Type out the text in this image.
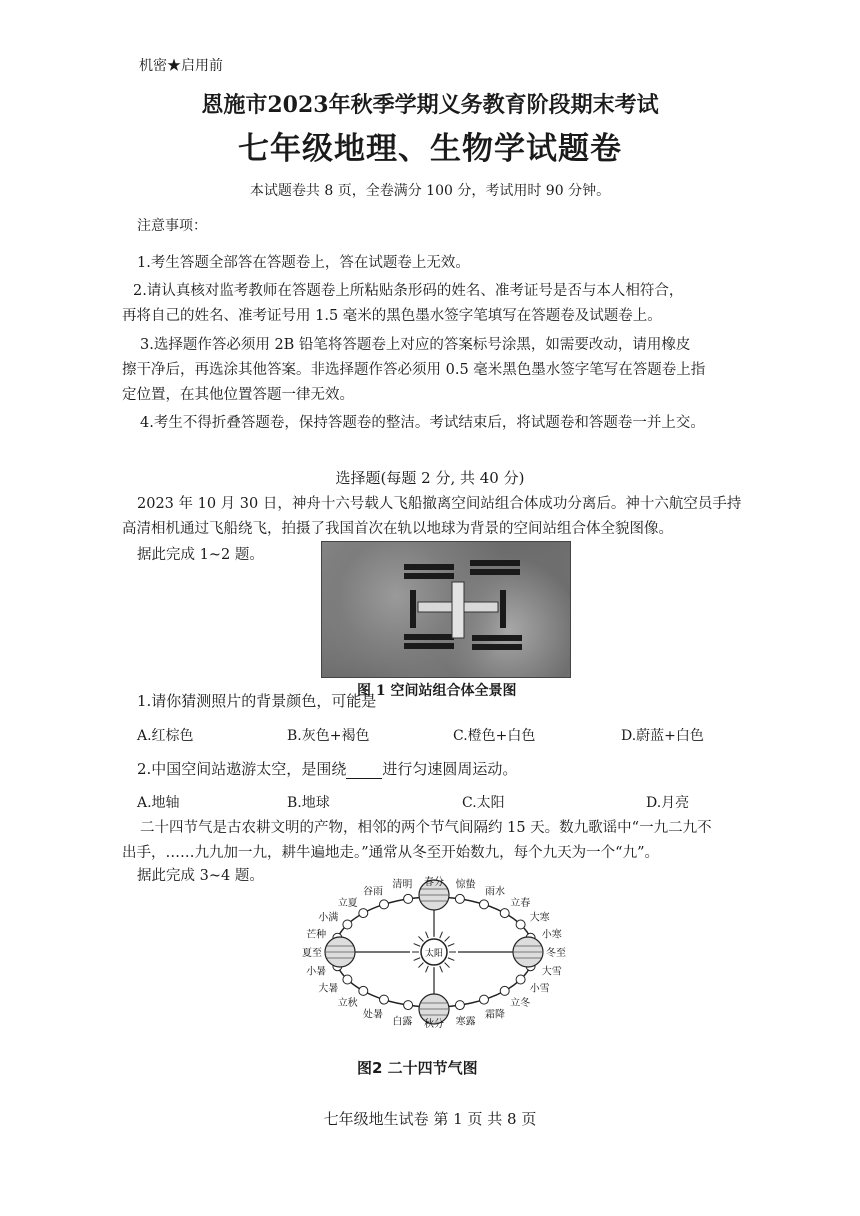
机密★启用前
恩施市2023年秋季学期义务教育阶段期末考试
七年级地理、生物学试题卷
本试题卷共 8 页，全卷满分 100 分，考试用时 90 分钟。
注意事项：
1.考生答题全部答在答题卷上，答在试题卷上无效。
2.请认真核对监考教师在答题卷上所粘贴条形码的姓名、准考证号是否与本人相符合，
再将自己的姓名、准考证号用 1.5 毫米的黑色墨水签字笔填写在答题卷及试题卷上。
3.选择题作答必须用 2B 铅笔将答题卷上对应的答案标号涂黑，如需要改动，请用橡皮
擦干净后，再选涂其他答案。非选择题作答必须用 0.5 毫米黑色墨水签字笔写在答题卷上指
定位置，在其他位置答题一律无效。
4.考生不得折叠答题卷，保持答题卷的整洁。考试结束后，将试题卷和答题卷一并上交。
选择题(每题 2 分, 共 40 分)
2023 年 10 月 30 日，神舟十六号载人飞船撤离空间站组合体成功分离后。神十六航空员手持
高清相机通过飞船绕飞，拍摄了我国首次在轨以地球为背景的空间站组合体全貌图像。
据此完成 1~2 题。
图 1 空间站组合体全景图
1.请你猜测照片的背景颜色，可能是
A.红棕色	B.灰色+褐色	C.橙色+白色	D.蔚蓝+白色
2.中国空间站遨游太空，是围绕 进行匀速圆周运动。
A.地轴	B.地球	C.太阳	D.月亮
二十四节气是古农耕文明的产物，相邻的两个节气间隔约 15 天。数九歌谣中“一九二九不
出手，……九九加一九，耕牛遍地走。”通常从冬至开始数九，每个九天为一个“九”。
据此完成 3~4 题。
太阳
春分
清明
谷雨
立夏
小满
芒种
夏至
小暑
大暑
立秋
处暑
白露 秋分 寒露
霜降
立冬
小雪
大雪
冬至
小寒
大寒
立春
雨水
惊蛰
图2 二十四节气图
七年级地生试卷 第 1 页 共 8 页
